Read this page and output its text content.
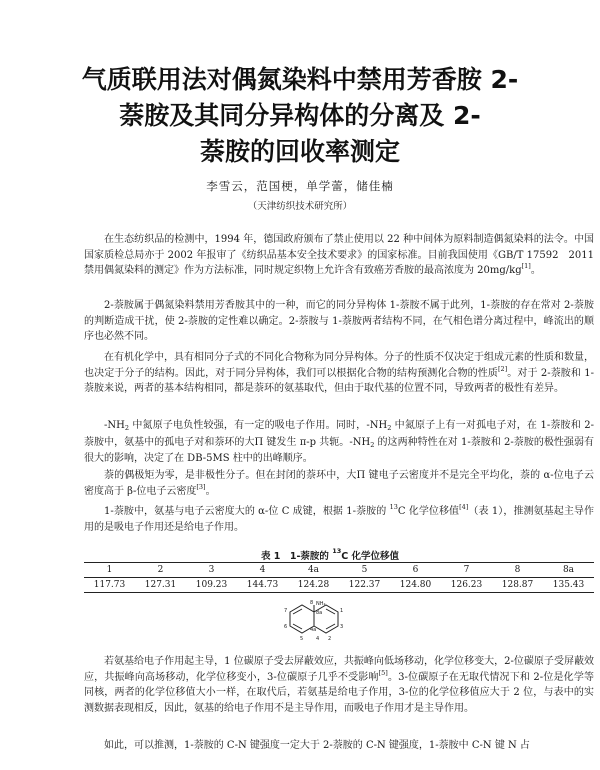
气质联用法对偶氮染料中禁用芳香胺 2-
萘胺及其同分异构体的分离及 2-
萘胺的回收率测定
李雪云，范国梗，单学蕾，储佳楠
（天津纺织技术研究所）

在生态纺织品的检测中，1994 年，德国政府颁布了禁止使用以 22 种中间体为原料制造偶氮染料的法令。中国国家质检总局亦于 2002 年报审了《纺织品基本安全技术要求》的国家标准。目前我国使用《GB/T 17592　2011 禁用偶氮染料的测定》作为方法标准，同时规定织物上允许含有致癌芳香胺的最高浓度为 20mg/kg[1]。

2-萘胺属于偶氮染料禁用芳香胺其中的一种，而它的同分异构体 1-萘胺不属于此列，1-萘胺的存在常对 2-萘胺的判断造成干扰，使 2-萘胺的定性难以确定。2-萘胺与 1-萘胺两者结构不同，在气相色谱分离过程中，峰流出的顺序也必然不同。

在有机化学中，具有相同分子式的不同化合物称为同分异构体。分子的性质不仅决定于组成元素的性质和数量，也决定于分子的结构。因此，对于同分异构体，我们可以根据化合物的结构预测化合物的性质[2]。对于 2-萘胺和 1-萘胺来说，两者的基本结构相同，都是萘环的氨基取代，但由于取代基的位置不同，导致两者的极性有差异。

$-NH_2$ 中氮原子电负性较强，有一定的吸电子作用。同时，$-NH_2$ 中氮原子上有一对孤电子对，在 1-萘胺和 2-萘胺中，氨基中的孤电子对和萘环的大Π 键发生 π-p 共轭。$-NH_2$ 的这两种特性在对 1-萘胺和 2-萘胺的极性强弱有很大的影响，决定了在 DB-5MS 柱中的出峰顺序。

萘的偶极矩为零，是非极性分子。但在封闭的萘环中，大Π 键电子云密度并不是完全平均化，萘的 α-位电子云密度高于 β-位电子云密度[3]。

1-萘胺中，氨基与电子云密度大的 α-位 C 成键，根据 1-萘胺的 $^{13}$C 化学位移值[4]（表 1），推测氨基起主导作用的是吸电子作用还是给电子作用。

表 1　1-萘胺的 $^{13}$C 化学位移值
1	2	3	4	4a	5	6	7	8	8a
117.73	127.31	109.23	144.73	124.28	122.37	124.80	126.23	128.87	135.43
8 NH₂
8a
7	1
6	4a	3
5	4 2

若氨基给电子作用起主导，1 位碳原子受去屏蔽效应，共振峰向低场移动，化学位移变大，2-位碳原子受屏蔽效应，共振峰向高场移动，化学位移变小，3-位碳原子几乎不受影响[5]。3-位碳原子在无取代情况下和 2-位是化学等同核，两者的化学位移值大小一样，在取代后，若氨基是给电子作用，3-位的化学位移值应大于 2 位，与表中的实测数据表现相反，因此，氨基的给电子作用不是主导作用，而吸电子作用才是主导作用。

如此，可以推测，1-萘胺的 C-N 键强度一定大于 2-萘胺的 C-N 键强度，1-萘胺中 C-N 键 N 占
